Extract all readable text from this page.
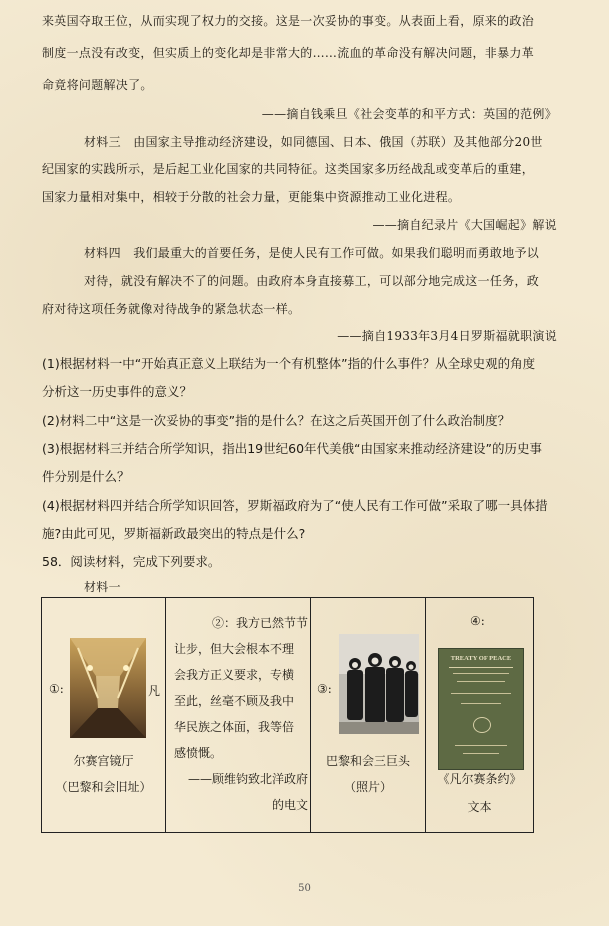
来英国夺取王位，从而实现了权力的交接。这是一次妥协的事变。从表面上看，原来的政治
制度一点没有改变，但实质上的变化却是非常大的……流血的革命没有解决问题，非暴力革
命竟将问题解决了。
——摘自钱乘旦《社会变革的和平方式：英国的范例》
材料三　由国家主导推动经济建设，如同德国、日本、俄国（苏联）及其他部分20世
纪国家的实践所示，是后起工业化国家的共同特征。这类国家多历经战乱或变革后的重建，
国家力量相对集中，相较于分散的社会力量，更能集中资源推动工业化进程。
——摘自纪录片《大国崛起》解说
材料四　我们最重大的首要任务，是使人民有工作可做。如果我们聪明而勇敢地予以
对待，就没有解决不了的问题。由政府本身直接募工，可以部分地完成这一任务，政
府对待这项任务就像对待战争的紧急状态一样。
——摘自1933年3月4日罗斯福就职演说
(1)根据材料一中“开始真正意义上联结为一个有机整体”指的什么事件？从全球史观的角度
分析这一历史事件的意义？
(2)材料二中“这是一次妥协的事变”指的是什么？在这之后英国开创了什么政治制度？
(3)根据材料三并结合所学知识，指出19世纪60年代美俄“由国家来推动经济建设”的历史事
件分别是什么？
(4)根据材料四并结合所学知识回答，罗斯福政府为了“使人民有工作可做”采取了哪一具体措
施?由此可见，罗斯福新政最突出的特点是什么?
58．阅读材料，完成下列要求。
材料一
①:	凡
尔赛宫镜厅
（巴黎和会旧址）

②：我方已然节节
让步，但大会根本不理
会我方正义要求，专横
至此，丝毫不顾及我中
华民族之体面，我等倍
感愤慨。
——顾维钧致北洋政府
的电文

③:
巴黎和会三巨头
（照片）

④:
TREATY OF PEACE
《凡尔赛条约》
文本
50
